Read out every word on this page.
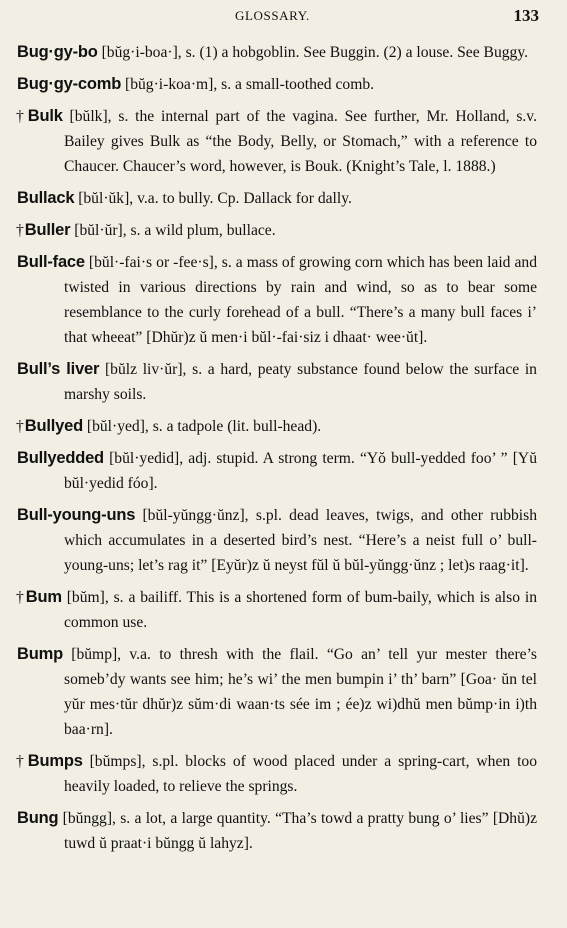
GLOSSARY.	133

Bug·gy-bo [bŭg·i-boa·], s. (1) a hobgoblin. See Buggin. (2) a louse. See Buggy.

Bug·gy-comb [bŭg·i-koa·m], s. a small-toothed comb.

†Bulk [bŭlk], s. the internal part of the vagina. See further, Mr. Holland, s.v. Bailey gives Bulk as “the Body, Belly, or Stomach,” with a reference to Chaucer. Chaucer’s word, however, is Bouk. (Knight’s Tale, l. 1888.)

Bullack [bŭl·ŭk], v.a. to bully. Cp. Dallack for dally.

†Buller [bŭl·ŭr], s. a wild plum, bullace.

Bull-face [bŭl·-fai·s or -fee·s], s. a mass of growing corn which has been laid and twisted in various directions by rain and wind, so as to bear some resemblance to the curly forehead of a bull. “There’s a many bull faces i’ that wheeat” [Dhŭr)z ŭ men·i bŭl·-fai·siz i dhaat· wee·ŭt].

Bull’s liver [bŭlz liv·ŭr], s. a hard, peaty substance found below the surface in marshy soils.

†Bullyed [bŭl·yed], s. a tadpole (lit. bull-head).

Bullyedded [bŭl·yedid], adj. stupid. A strong term. “Yŏ bull-yedded foo’ ” [Yŭ bŭl·yedid fóo].

Bull-young-uns [bŭl-yŭngg·ŭnz], s.pl. dead leaves, twigs, and other rubbish which accumulates in a deserted bird’s nest. “Here’s a neist full o’ bull-young-uns; let’s rag it” [Eyŭr)z ŭ neyst fŭl ŭ bŭl-yŭngg·ŭnz ; let)s raag·it].

†Bum [bŭm], s. a bailiff. This is a shortened form of bum-baily, which is also in common use.

Bump [bŭmp], v.a. to thresh with the flail. “Go an’ tell yur mester there’s someb’dy wants see him; he’s wi’ the men bumpin i’ th’ barn” [Goa· ŭn tel yŭr mes·tŭr dhŭr)z sŭm·di waan·ts sée im ; ée)z wi)dhŭ men bŭmp·in i)th baa·rn].

†Bumps [bŭmps], s.pl. blocks of wood placed under a spring-cart, when too heavily loaded, to relieve the springs.

Bung [bŭngg], s. a lot, a large quantity. “Tha’s towd a pratty bung o’ lies” [Dhŭ)z tuwd ŭ praat·i bŭngg ŭ lahyz].
